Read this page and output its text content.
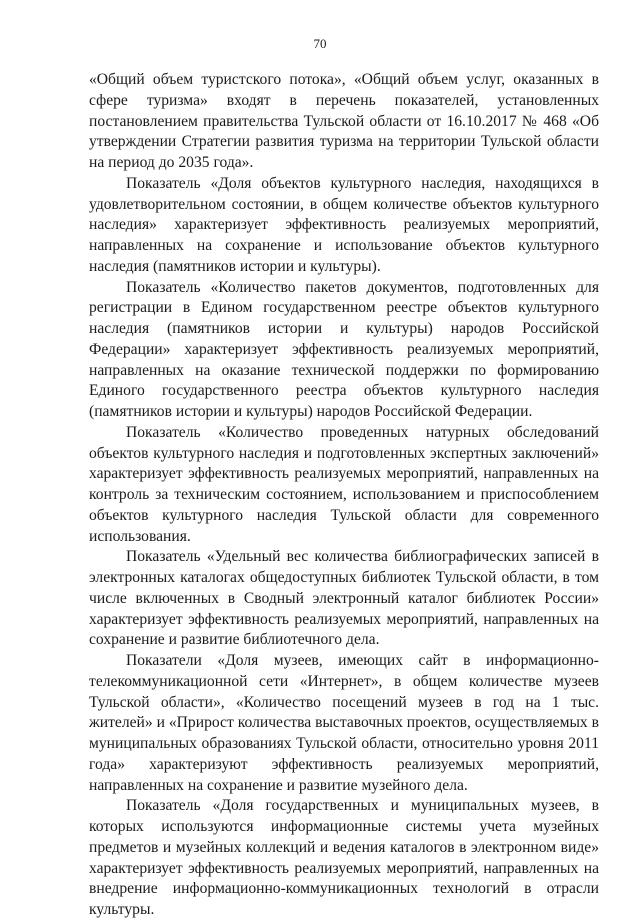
70

«Общий объем туристского потока», «Общий объем услуг, оказанных в сфере туризма» входят в перечень показателей, установленных постановлением правительства Тульской области от 16.10.2017 № 468 «Об утверждении Стратегии развития туризма на территории Тульской области на период до 2035 года».

Показатель «Доля объектов культурного наследия, находящихся в удовлетворительном состоянии, в общем количестве объектов культурного наследия» характеризует эффективность реализуемых мероприятий, направленных на сохранение и использование объектов культурного наследия (памятников истории и культуры).

Показатель «Количество пакетов документов, подготовленных для регистрации в Едином государственном реестре объектов культурного наследия (памятников истории и культуры) народов Российской Федерации» характеризует эффективность реализуемых мероприятий, направленных на оказание технической поддержки по формированию Единого государственного реестра объектов культурного наследия (памятников истории и культуры) народов Российской Федерации.

Показатель «Количество проведенных натурных обследований объектов культурного наследия и подготовленных экспертных заключений» характеризует эффективность реализуемых мероприятий, направленных на контроль за техническим состоянием, использованием и приспособлением объектов культурного наследия Тульской области для современного использования.

Показатель «Удельный вес количества библиографических записей в электронных каталогах общедоступных библиотек Тульской области, в том числе включенных в Сводный электронный каталог библиотек России» характеризует эффективность реализуемых мероприятий, направленных на сохранение и развитие библиотечного дела.

Показатели «Доля музеев, имеющих сайт в информационно-телекоммуникационной сети «Интернет», в общем количестве музеев Тульской области», «Количество посещений музеев в год на 1 тыс. жителей» и «Прирост количества выставочных проектов, осуществляемых в муниципальных образованиях Тульской области, относительно уровня 2011 года» характеризуют эффективность реализуемых мероприятий, направленных на сохранение и развитие музейного дела.

Показатель «Доля государственных и муниципальных музеев, в которых используются информационные системы учета музейных предметов и музейных коллекций и ведения каталогов в электронном виде» характеризует эффективность реализуемых мероприятий, направленных на внедрение информационно-коммуникационных технологий в отрасли культуры.
